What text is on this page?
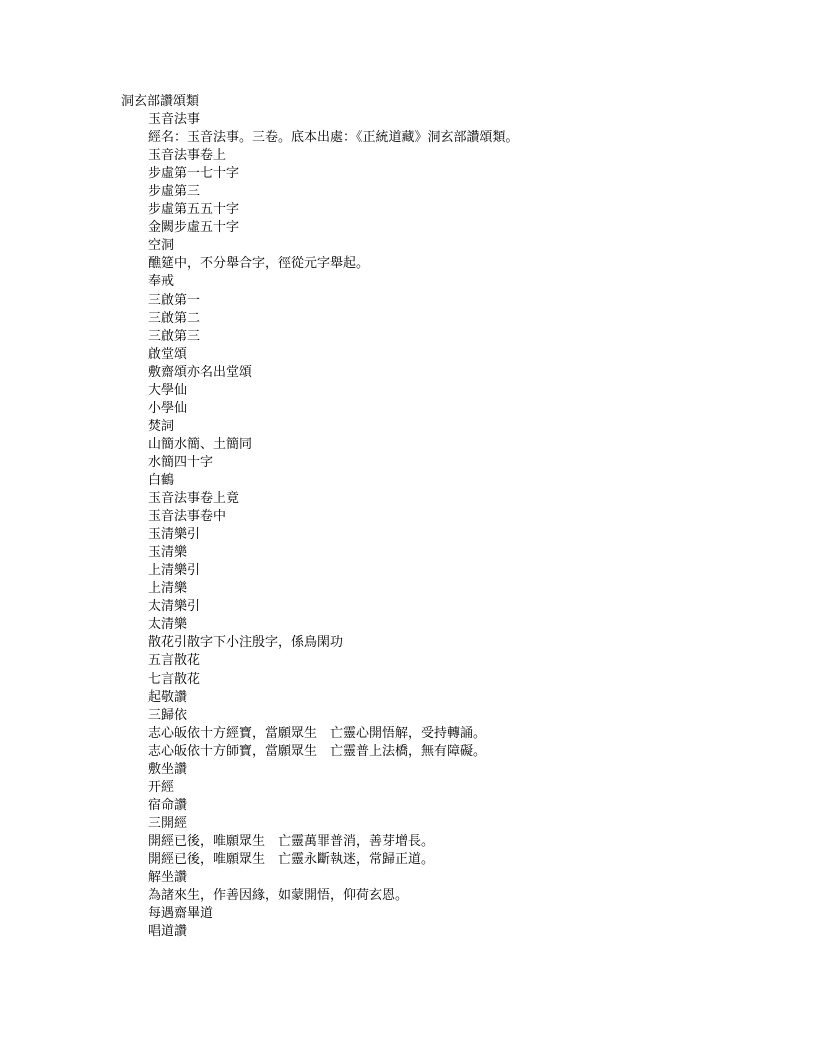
洞玄部讚頌類
玉音法事
經名：玉音法事。三卷。底本出處：《正統道藏》洞玄部讚頌類。
玉音法事卷上
步虛第一七十字
步虛第三
步虛第五五十字
金闕步虛五十字
空洞
醮筵中，不分舉合字，徑從元字舉起。
奉戒
三啟第一
三啟第二
三啟第三
啟堂頌
敷齋頌亦名出堂頌
大學仙
小學仙
焚詞
山簡水簡、土簡同
水簡四十字
白鶴
玉音法事卷上竟
玉音法事卷中
玉清樂引
玉清樂
上清樂引
上清樂
太清樂引
太清樂
散花引散字下小注殷字，係鳥閑功
五言散花
七言散花
起敬讚
三歸依
志心皈依十方經寶，當願眾生　亡靈心開悟解，受持轉誦。
志心皈依十方師寶，當願眾生　亡靈普上法橋，無有障礙。
敷坐讚
开經
宿命讚
三開經
開經已後，唯願眾生　亡靈萬罪普消，善芽增長。
開經已後，唯願眾生　亡靈永斷執迷，常歸正道。
解坐讚
為諸來生，作善因緣，如蒙開悟，仰荷玄恩。
每遇齋畢道
唱道讚
